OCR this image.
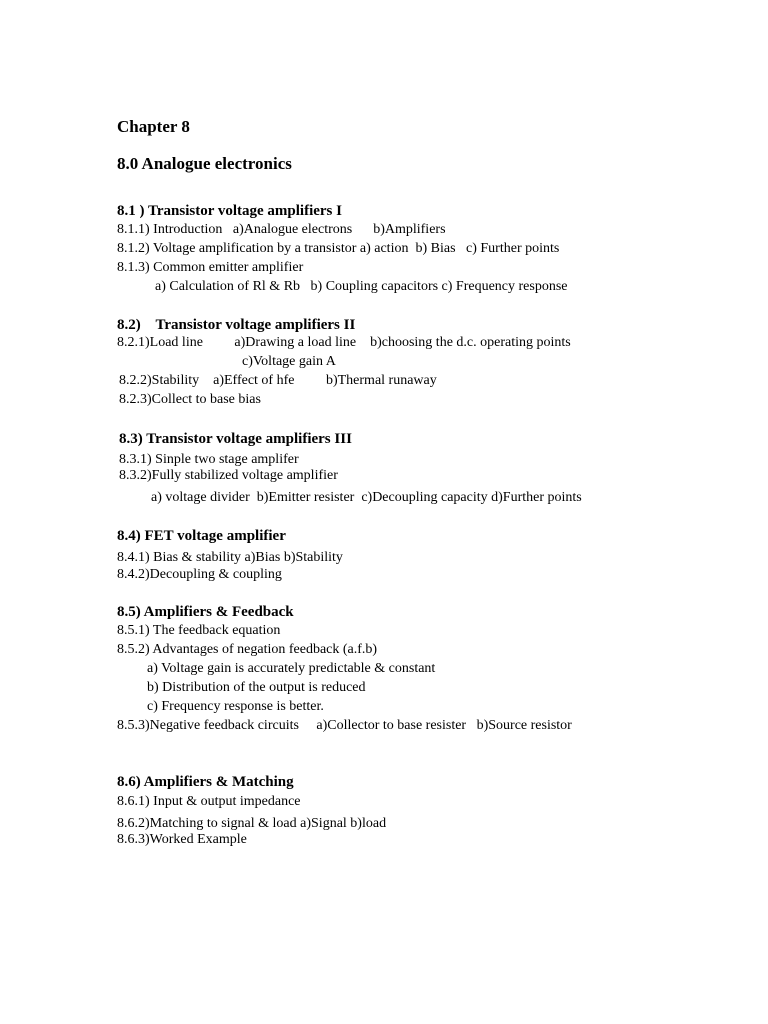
Chapter 8
8.0 Analogue electronics
8.1 ) Transistor voltage amplifiers I
8.1.1) Introduction   a)Analogue electrons      b)Amplifiers
8.1.2) Voltage amplification by a transistor a) action  b) Bias   c) Further points
8.1.3) Common emitter amplifier
a) Calculation of Rl & Rb   b) Coupling capacitors c) Frequency response
8.2)    Transistor voltage amplifiers II
8.2.1)Load line         a)Drawing a load line    b)choosing the d.c. operating points
c)Voltage gain A
8.2.2)Stability    a)Effect of hfe         b)Thermal runaway
8.2.3)Collect to base bias
8.3) Transistor voltage amplifiers III
8.3.1) Sinple two stage amplifer
8.3.2)Fully stabilized voltage amplifier
a) voltage divider  b)Emitter resister  c)Decoupling capacity d)Further points
8.4) FET voltage amplifier
8.4.1) Bias & stability a)Bias b)Stability
8.4.2)Decoupling & coupling
8.5) Amplifiers & Feedback
8.5.1) The feedback equation
8.5.2) Advantages of negation feedback (a.f.b)
a) Voltage gain is accurately predictable & constant
b) Distribution of the output is reduced
c) Frequency response is better.
8.5.3)Negative feedback circuits     a)Collector to base resister   b)Source resistor
8.6) Amplifiers & Matching
8.6.1) Input & output impedance
8.6.2)Matching to signal & load a)Signal b)load
8.6.3)Worked Example
